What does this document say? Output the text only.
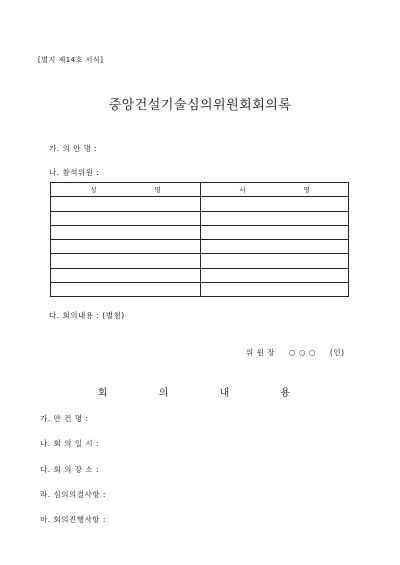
[별지 제14호 서식]
중앙건설기술심의위원회회의록
가. 의 안 명 :
나. 참석위원 :
성 명	서 명

다. 회의내용 : (별첨)
위 원 장 ○ ○ ○ (인)
회 의 내 용
가. 안 건 명 :
나. 회 의 일 시 :
다. 회 의 장 소 :
라. 심의의결사항 :
마. 회의진행사항 :
